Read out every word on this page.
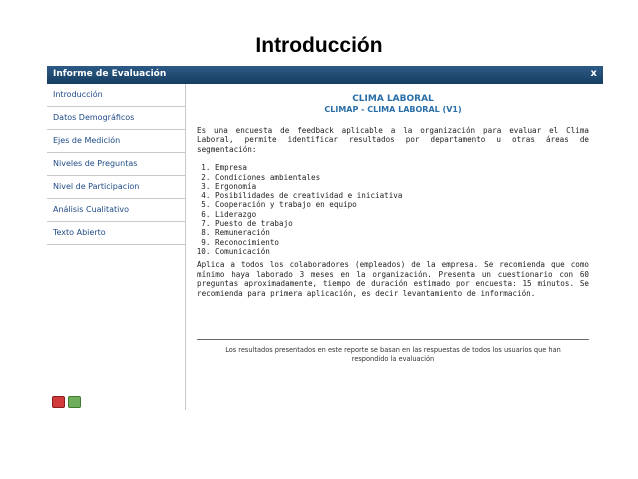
Introducción
Informe de Evaluación	x
Introducción
Datos Demográficos
Ejes de Medición
Niveles de Preguntas
Nivel de Participacion
Análisis Cualitativo
Texto Abierto
CLIMA LABORAL
CLIMAP - CLIMA LABORAL (V1)
Es una encuesta de feedback aplicable a la organización para evaluar el Clima Laboral, permite identificar resultados por departamento u otras áreas de segmentación:
1. Empresa
2. Condiciones ambientales
3. Ergonomía
4. Posibilidades de creatividad e iniciativa
5. Cooperación y trabajo en equipo
6. Liderazgo
7. Puesto de trabajo
8. Remuneración
9. Reconocimiento
10. Comunicación
Aplica a todos los colaboradores (empleados) de la empresa. Se recomienda que como mínimo haya laborado 3 meses en la organización. Presenta un cuestionario con 60 preguntas aproximadamente, tiempo de duración estimado por encuesta: 15 minutos. Se recomienda para primera aplicación, es decir levantamiento de información.
Los resultados presentados en este reporte se basan en las respuestas de todos los usuarios que han
respondido la evaluación
